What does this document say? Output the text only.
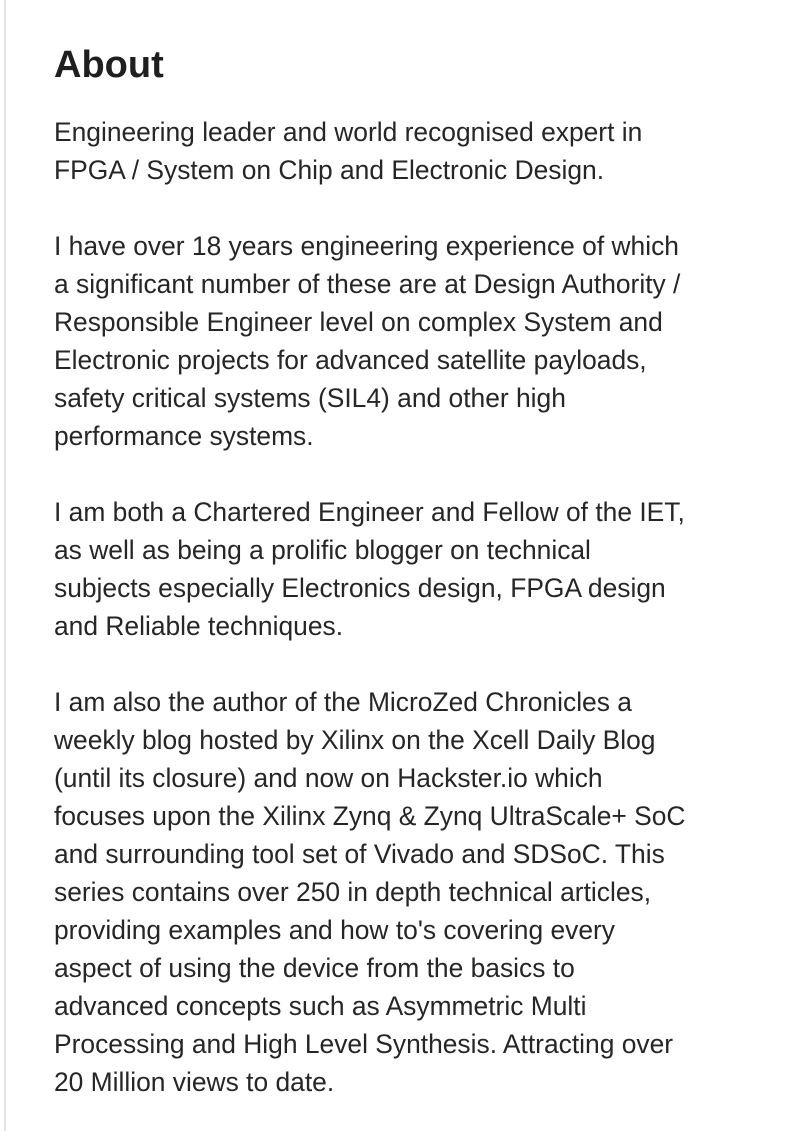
About
Engineering leader and world recognised expert in
FPGA / System on Chip and Electronic Design.
I have over 18 years engineering experience of which
a significant number of these are at Design Authority /
Responsible Engineer level on complex System and
Electronic projects for advanced satellite payloads,
safety critical systems (SIL4) and other high
performance systems.
I am both a Chartered Engineer and Fellow of the IET,
as well as being a prolific blogger on technical
subjects especially Electronics design, FPGA design
and Reliable techniques.
I am also the author of the MicroZed Chronicles a
weekly blog hosted by Xilinx on the Xcell Daily Blog
(until its closure) and now on Hackster.io which
focuses upon the Xilinx Zynq & Zynq UltraScale+ SoC
and surrounding tool set of Vivado and SDSoC. This
series contains over 250 in depth technical articles,
providing examples and how to's covering every
aspect of using the device from the basics to
advanced concepts such as Asymmetric Multi
Processing and High Level Synthesis. Attracting over
20 Million views to date.
